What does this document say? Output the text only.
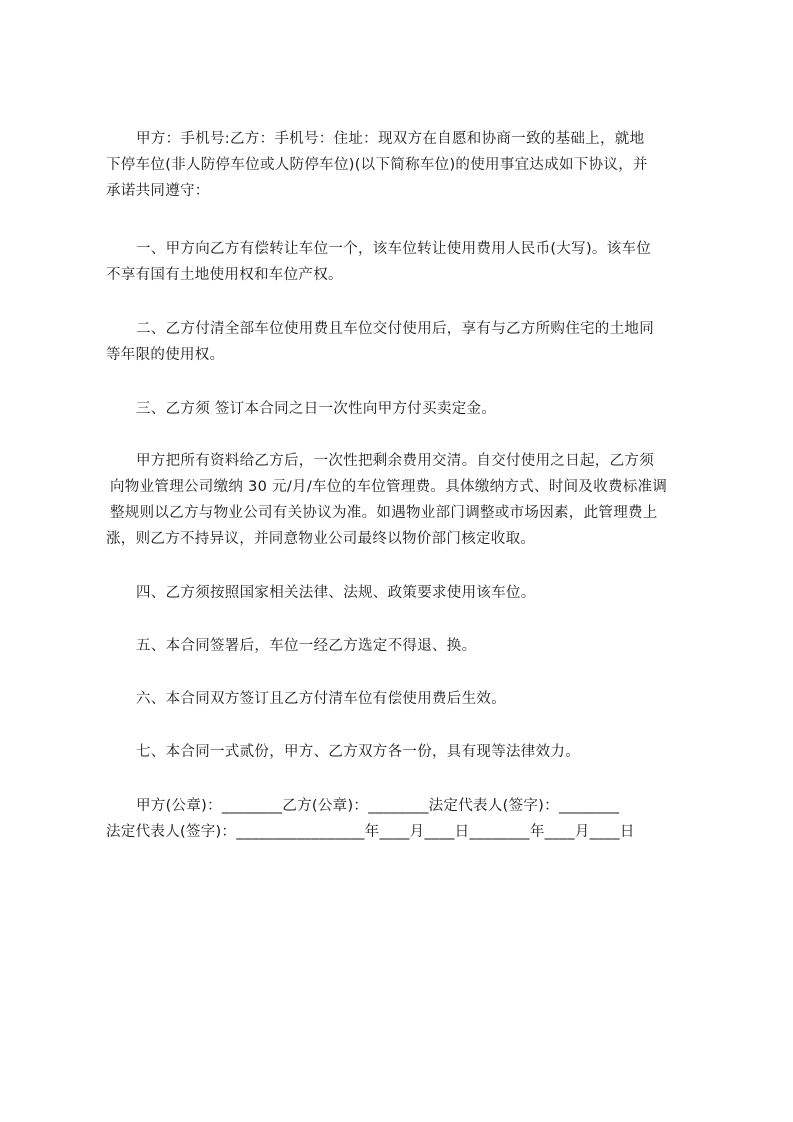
甲方：手机号:乙方：手机号：住址：现双方在自愿和协商一致的基础上，就地
下停车位(非人防停车位或人防停车位)(以下简称车位)的使用事宜达成如下协议，并
承诺共同遵守：
一、甲方向乙方有偿转让车位一个，该车位转让使用费用人民币(大写)。该车位
不享有国有土地使用权和车位产权。
二、乙方付清全部车位使用费且车位交付使用后，享有与乙方所购住宅的土地同
等年限的使用权。
三、乙方须 签订本合同之日一次性向甲方付买卖定金。
甲方把所有资料给乙方后，一次性把剩余费用交清。自交付使用之日起，乙方须
向物业管理公司缴纳 30 元/月/车位的车位管理费。具体缴纳方式、时间及收费标准调
整规则以乙方与物业公司有关协议为准。如遇物业部门调整或市场因素，此管理费上
涨，则乙方不持异议，并同意物业公司最终以物价部门核定收取。
四、乙方须按照国家相关法律、法规、政策要求使用该车位。
五、本合同签署后，车位一经乙方选定不得退、换。
六、本合同双方签订且乙方付清车位有偿使用费后生效。
七、本合同一式贰份，甲方、乙方双方各一份，具有现等法律效力。
甲方(公章)：________乙方(公章)：________法定代表人(签字)：________
法定代表人(签字)：_________________年____月____日________年____月____日
